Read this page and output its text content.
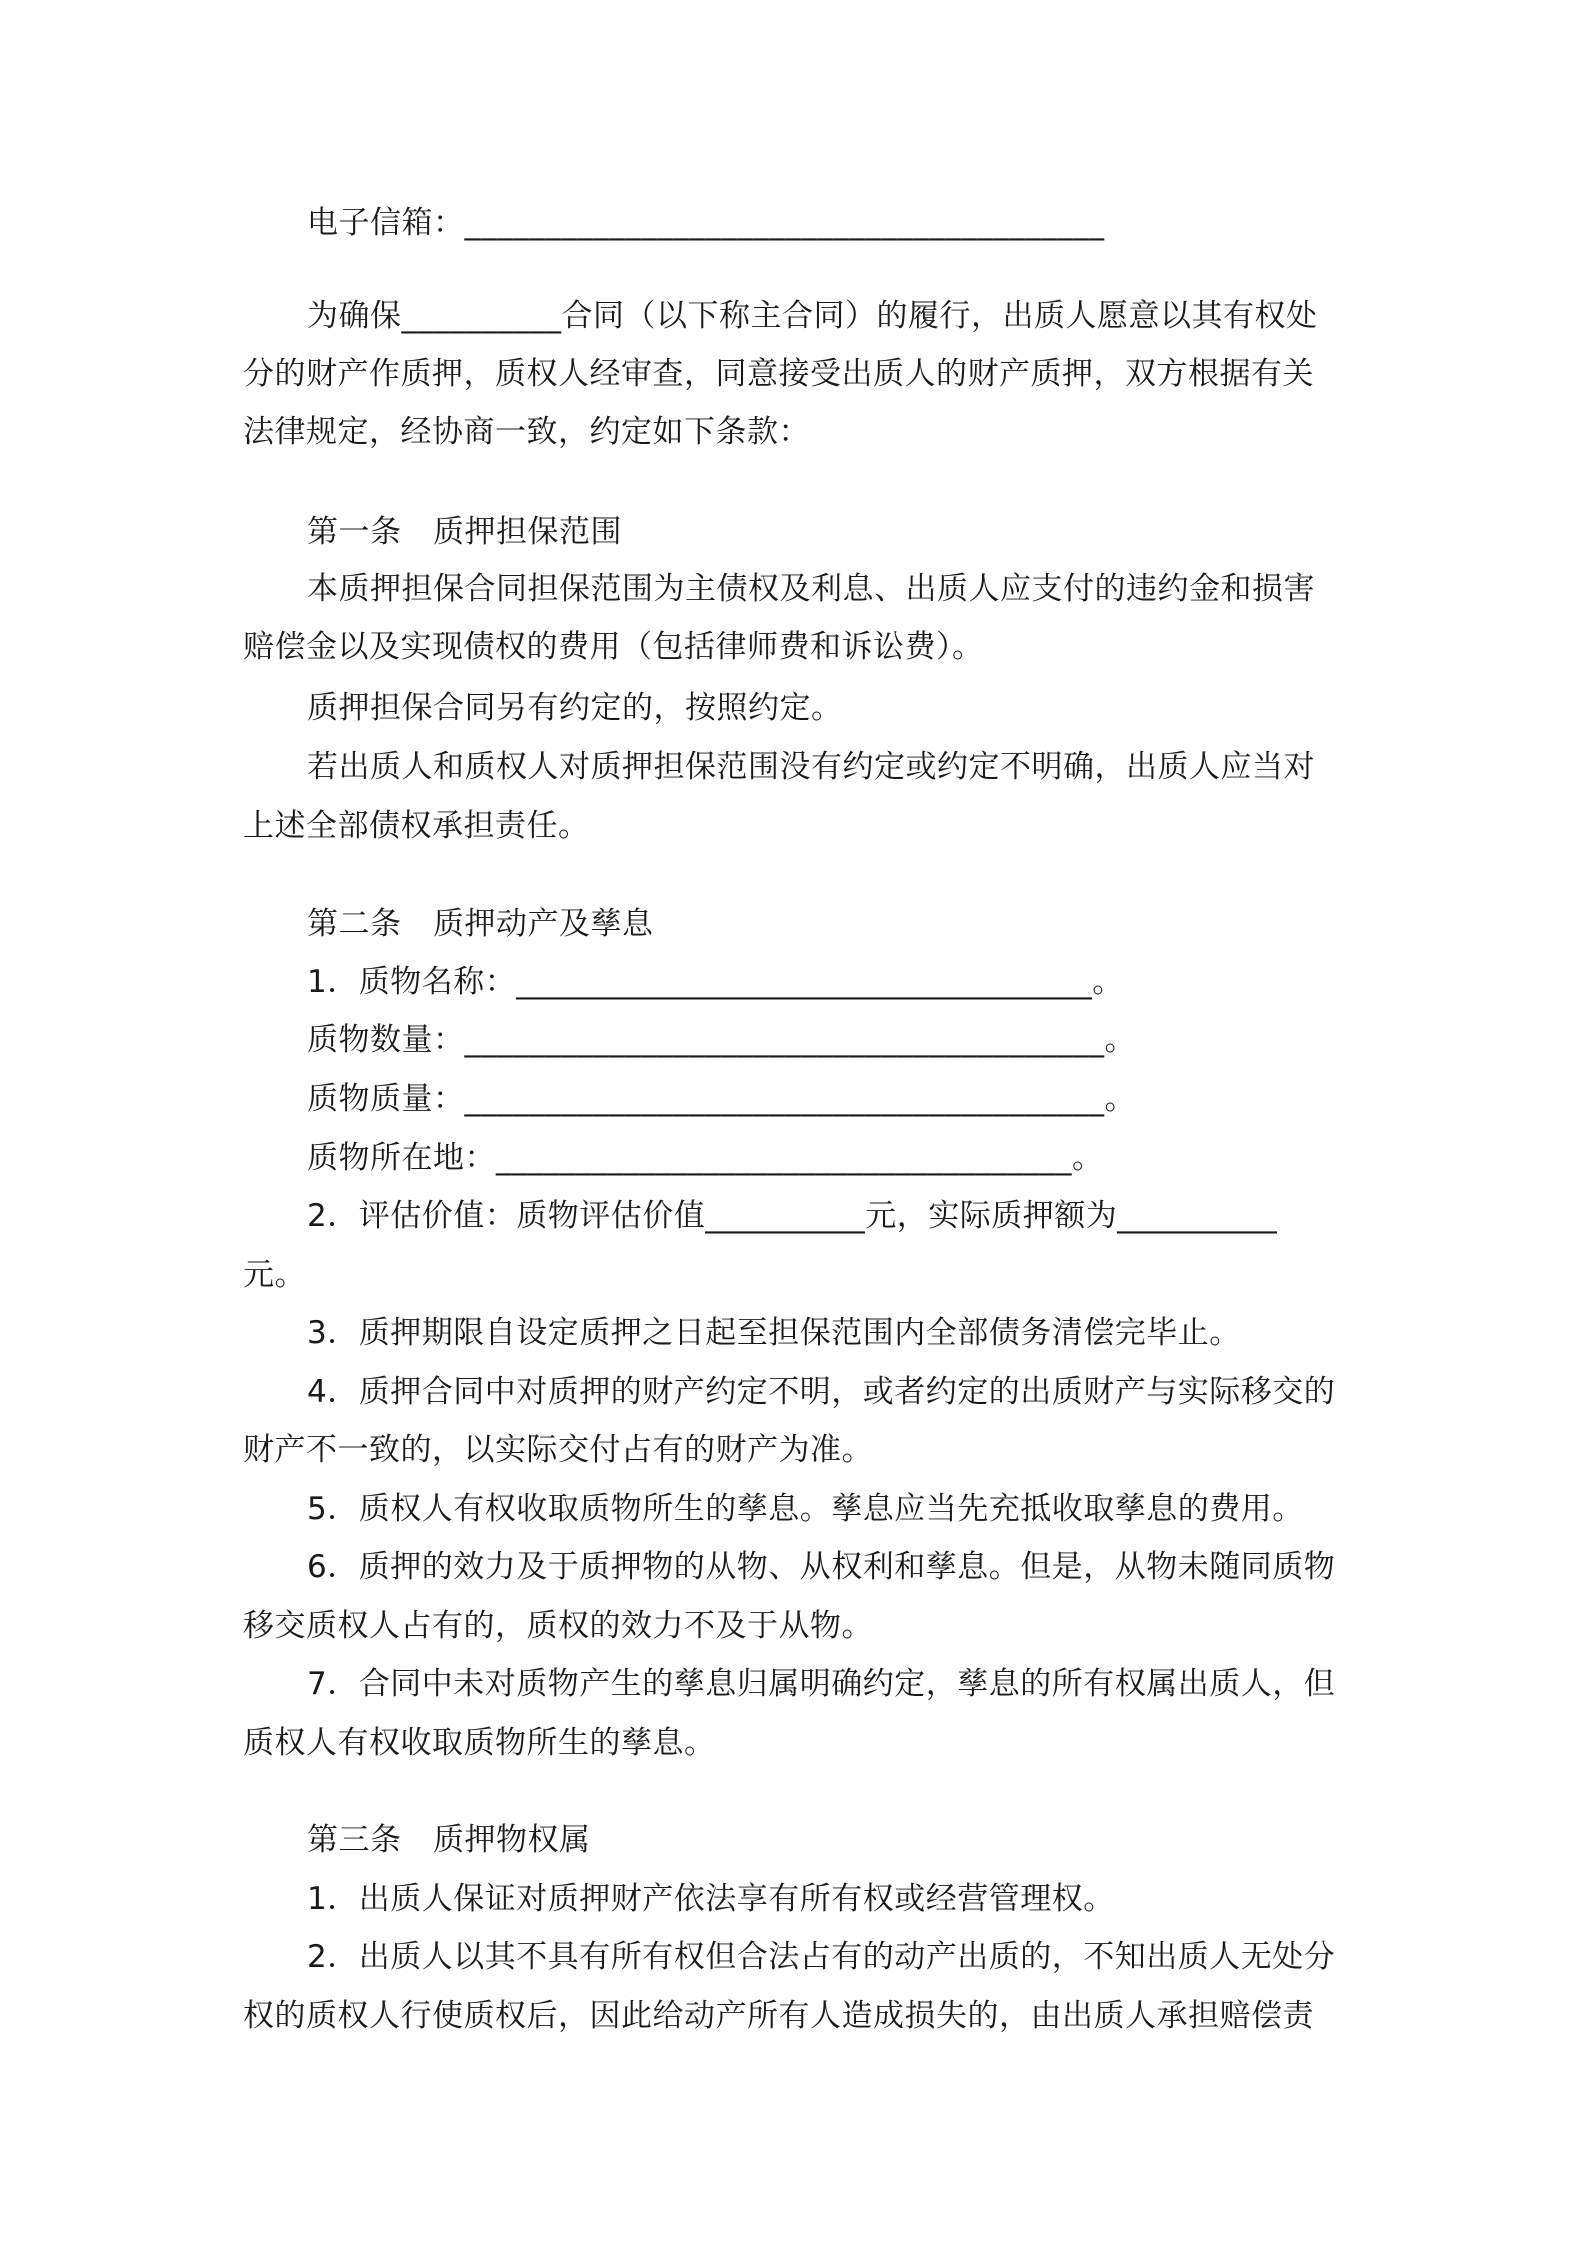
电子信箱：________________________________________
为确保__________合同（以下称主合同）的履行，出质人愿意以其有权处
分的财产作质押，质权人经审查，同意接受出质人的财产质押，双方根据有关
法律规定，经协商一致，约定如下条款：
第一条　质押担保范围
本质押担保合同担保范围为主债权及利息、出质人应支付的违约金和损害
赔偿金以及实现债权的费用（包括律师费和诉讼费）。
质押担保合同另有约定的，按照约定。
若出质人和质权人对质押担保范围没有约定或约定不明确，出质人应当对
上述全部债权承担责任。
第二条　质押动产及孳息
1．质物名称：____________________________________。
质物数量：________________________________________。
质物质量：________________________________________。
质物所在地：____________________________________。
2．评估价值：质物评估价值__________元，实际质押额为__________
元。
3．质押期限自设定质押之日起至担保范围内全部债务清偿完毕止。
4．质押合同中对质押的财产约定不明，或者约定的出质财产与实际移交的
财产不一致的，以实际交付占有的财产为准。
5．质权人有权收取质物所生的孳息。孳息应当先充抵收取孳息的费用。
6．质押的效力及于质押物的从物、从权利和孳息。但是，从物未随同质物
移交质权人占有的，质权的效力不及于从物。
7．合同中未对质物产生的孳息归属明确约定，孳息的所有权属出质人，但
质权人有权收取质物所生的孳息。
第三条　质押物权属
1．出质人保证对质押财产依法享有所有权或经营管理权。
2．出质人以其不具有所有权但合法占有的动产出质的，不知出质人无处分
权的质权人行使质权后，因此给动产所有人造成损失的，由出质人承担赔偿责
